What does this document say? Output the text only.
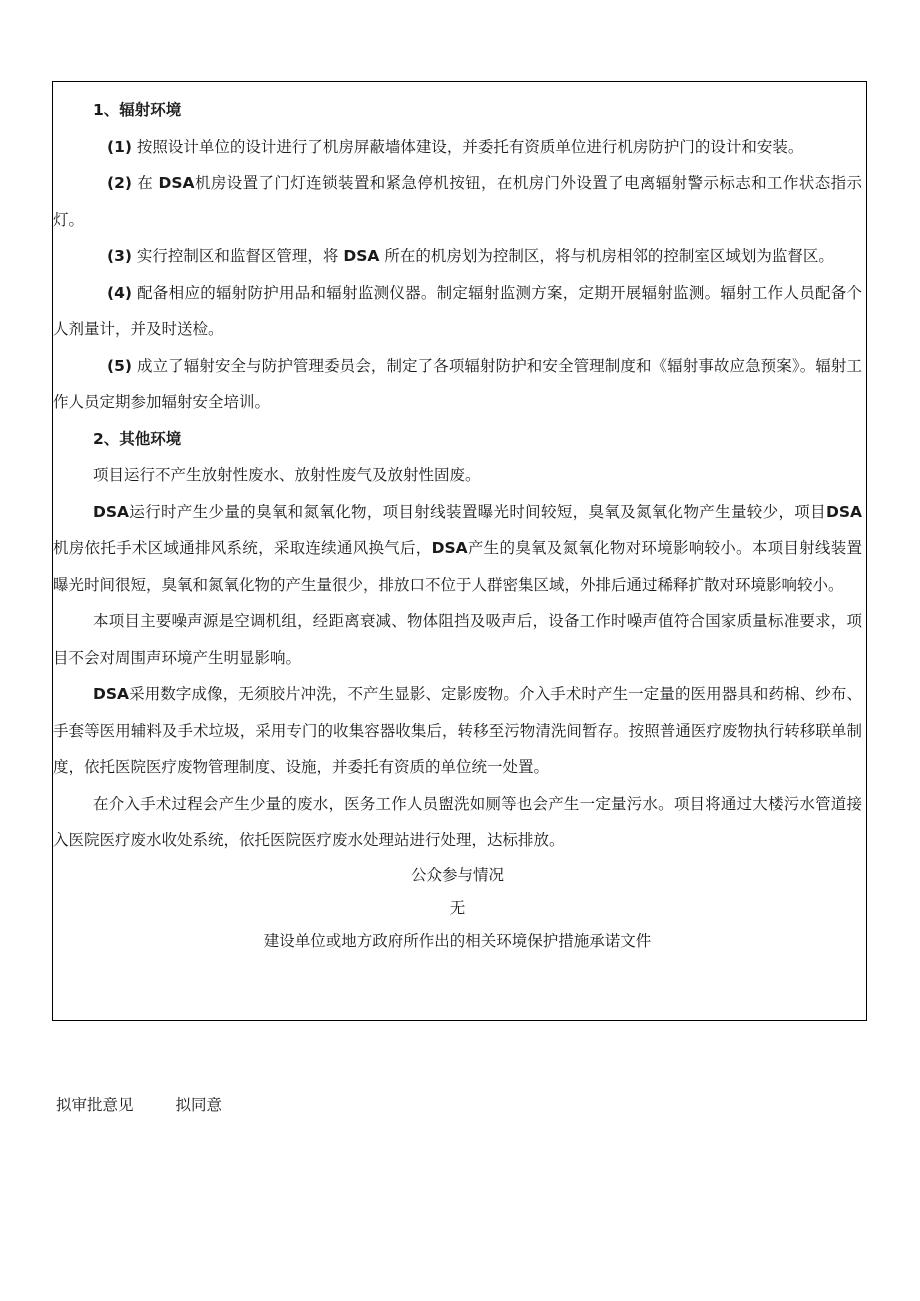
1、辐射环境

(1) 按照设计单位的设计进行了机房屏蔽墙体建设，并委托有资质单位进行机房防护门的设计和安装。

(2) 在 DSA机房设置了门灯连锁装置和紧急停机按钮，在机房门外设置了电离辐射警示标志和工作状态指示灯。

(3) 实行控制区和监督区管理，将 DSA 所在的机房划为控制区，将与机房相邻的控制室区域划为监督区。

(4) 配备相应的辐射防护用品和辐射监测仪器。制定辐射监测方案，定期开展辐射监测。辐射工作人员配备个人剂量计，并及时送检。

(5) 成立了辐射安全与防护管理委员会，制定了各项辐射防护和安全管理制度和《辐射事故应急预案》。辐射工作人员定期参加辐射安全培训。

2、其他环境

项目运行不产生放射性废水、放射性废气及放射性固废。

DSA运行时产生少量的臭氧和氮氧化物，项目射线装置曝光时间较短，臭氧及氮氧化物产生量较少，项目DSA机房依托手术区域通排风系统，采取连续通风换气后，DSA产生的臭氧及氮氧化物对环境影响较小。本项目射线装置曝光时间很短，臭氧和氮氧化物的产生量很少，排放口不位于人群密集区域，外排后通过稀释扩散对环境影响较小。

本项目主要噪声源是空调机组，经距离衰减、物体阻挡及吸声后，设备工作时噪声值符合国家质量标准要求，项目不会对周围声环境产生明显影响。

DSA采用数字成像，无须胶片冲洗，不产生显影、定影废物。介入手术时产生一定量的医用器具和药棉、纱布、手套等医用辅料及手术垃圾，采用专门的收集容器收集后，转移至污物清洗间暂存。按照普通医疗废物执行转移联单制度，依托医院医疗废物管理制度、设施，并委托有资质的单位统一处置。

在介入手术过程会产生少量的废水，医务工作人员盥洗如厕等也会产生一定量污水。项目将通过大楼污水管道接入医院医疗废水收处系统，依托医院医疗废水处理站进行处理，达标排放。

公众参与情况

无

建设单位或地方政府所作出的相关环境保护措施承诺文件

拟审批意见	拟同意
